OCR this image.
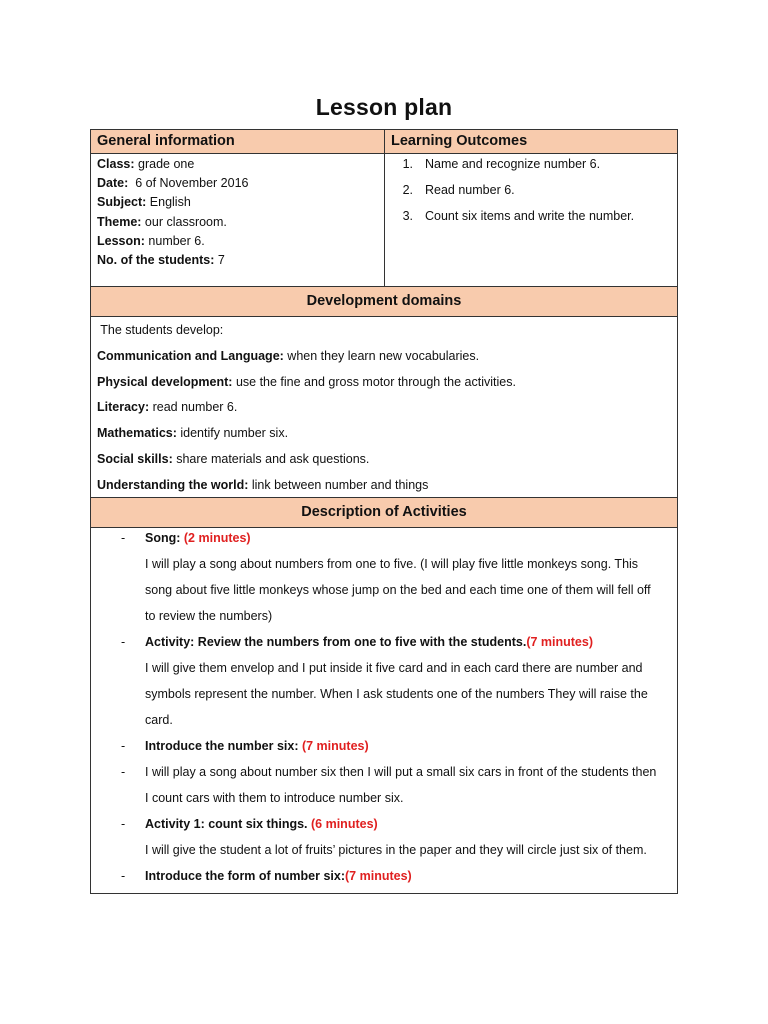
Lesson plan
General information	Learning Outcomes
Class: grade one
Date:  6 of November 2016
Subject: English
Theme: our classroom.
Lesson: number 6.
No. of the students: 7
1. Name and recognize number 6.
2. Read number 6.
3. Count six items and write the number.
Development domains
The students develop:
Communication and Language: when they learn new vocabularies.
Physical development: use the fine and gross motor through the activities.
Literacy: read number 6.
Mathematics: identify number six.
Social skills: share materials and ask questions.
Understanding the world: link between number and things
Description of Activities
- Song: (2 minutes)
I will play a song about numbers from one to five. (I will play five little monkeys song. This
song about five little monkeys whose jump on the bed and each time one of them will fell off
to review the numbers)
- Activity: Review the numbers from one to five with the students.(7 minutes)
I will give them envelop and I put inside it five card and in each card there are number and
symbols represent the number. When I ask students one of the numbers They will raise the
card.
- Introduce the number six: (7 minutes)
- I will play a song about number six then I will put a small six cars in front of the students then
I count cars with them to introduce number six.
- Activity 1: count six things. (6 minutes)
I will give the student a lot of fruits’ pictures in the paper and they will circle just six of them.
- Introduce the form of number six:(7 minutes)
